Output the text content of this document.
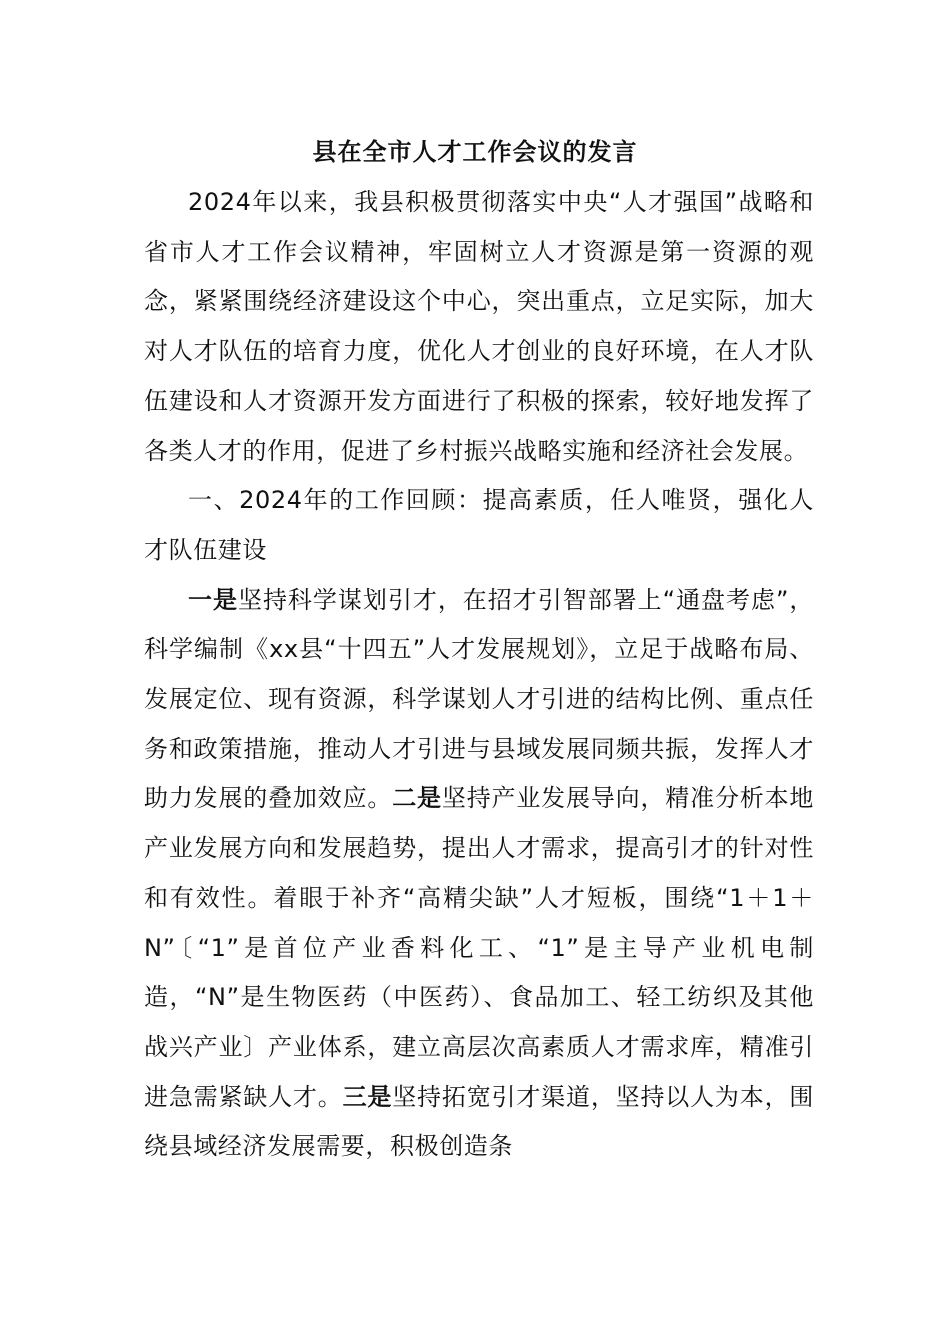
县在全市人才工作会议的发言

2024年以来，我县积极贯彻落实中央“人才强国”战略和省市人才工作会议精神，牢固树立人才资源是第一资源的观念，紧紧围绕经济建设这个中心，突出重点，立足实际，加大对人才队伍的培育力度，优化人才创业的良好环境，在人才队伍建设和人才资源开发方面进行了积极的探索，较好地发挥了各类人才的作用，促进了乡村振兴战略实施和经济社会发展。

一、2024年的工作回顾：提高素质，任人唯贤，强化人才队伍建设

一是坚持科学谋划引才，在招才引智部署上“通盘考虑”，科学编制《xx县“十四五”人才发展规划》，立足于战略布局、发展定位、现有资源，科学谋划人才引进的结构比例、重点任务和政策措施，推动人才引进与县域发展同频共振，发挥人才助力发展的叠加效应。二是坚持产业发展导向，精准分析本地产业发展方向和发展趋势，提出人才需求，提高引才的针对性和有效性。着眼于补齐“高精尖缺”人才短板，围绕“1＋1＋N”〔“1”是首位产业香料化工、“1”是主导产业机电制造，“N”是生物医药（中医药）、食品加工、轻工纺织及其他战兴产业〕产业体系，建立高层次高素质人才需求库，精准引进急需紧缺人才。三是坚持拓宽引才渠道，坚持以人为本，围绕县域经济发展需要，积极创造条
